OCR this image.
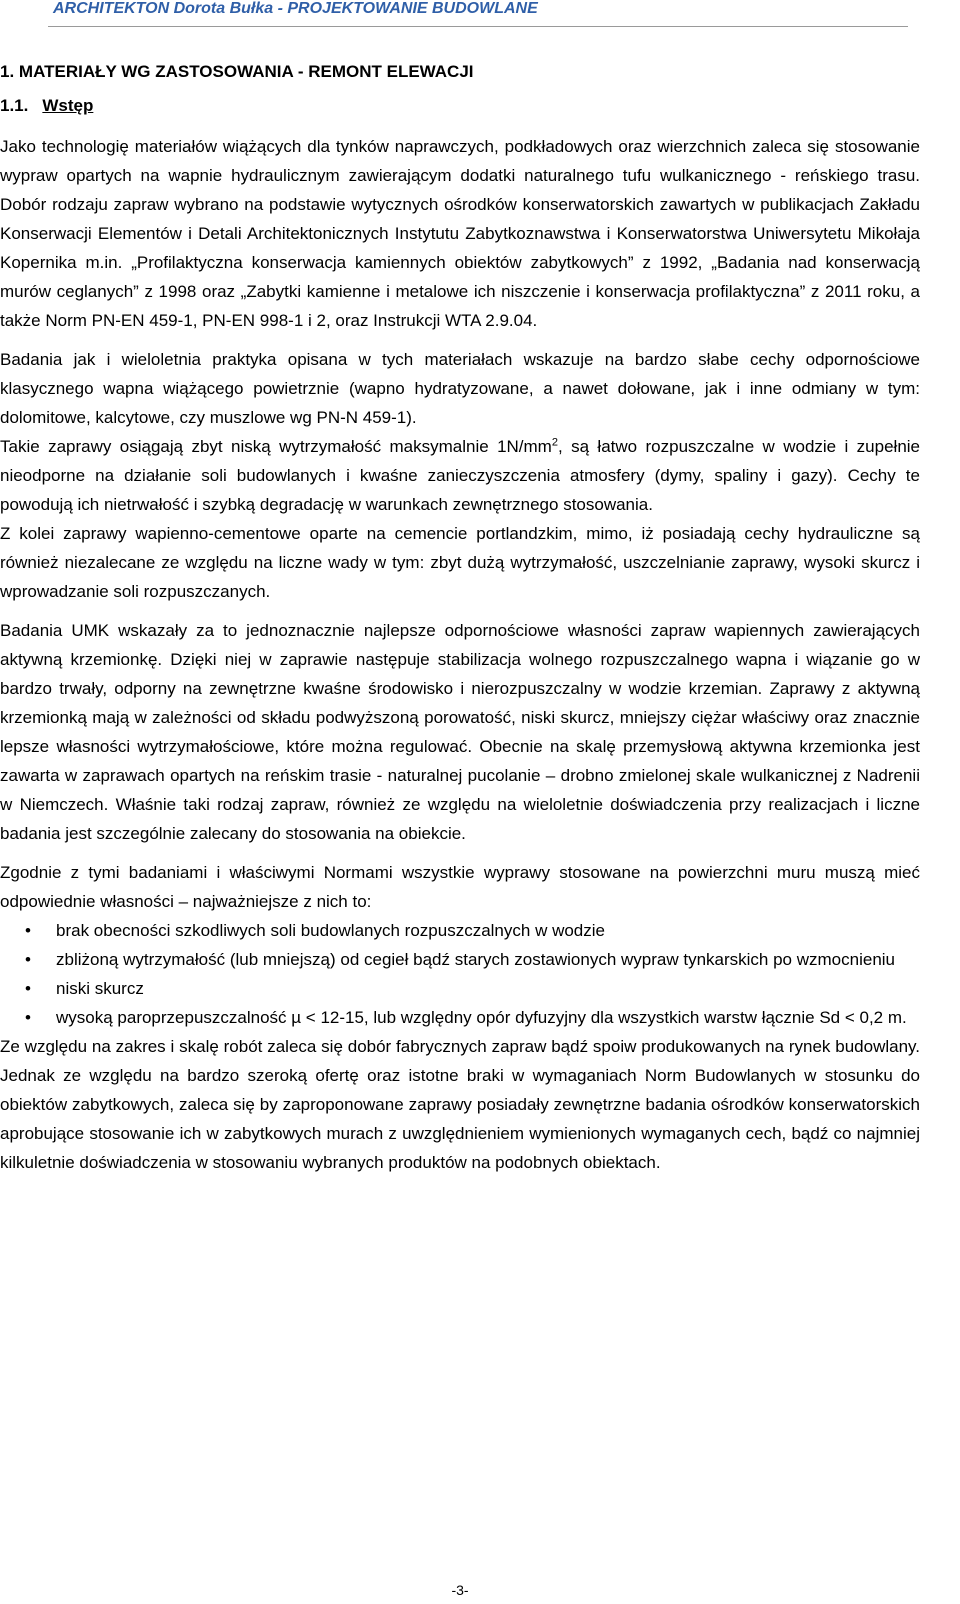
ARCHITEKTON Dorota Bułka - PROJEKTOWANIE BUDOWLANE
1. MATERIAŁY WG ZASTOSOWANIA - REMONT ELEWACJI
1.1. Wstęp

Jako technologię materiałów wiążących dla tynków naprawczych, podkładowych oraz wierzchnich zaleca się stosowanie wypraw opartych na wapnie hydraulicznym zawierającym dodatki naturalnego tufu wulkanicznego - reńskiego trasu. Dobór rodzaju zapraw wybrano na podstawie wytycznych ośrodków konserwatorskich zawartych w publikacjach Zakładu Konserwacji Elementów i Detali Architektonicznych Instytutu Zabytkoznawstwa i Konserwatorstwa Uniwersytetu Mikołaja Kopernika m.in. „Profilaktyczna konserwacja kamiennych obiektów zabytkowych” z 1992, „Badania nad konserwacją murów ceglanych” z 1998 oraz „Zabytki kamienne i metalowe ich niszczenie i konserwacja profilaktyczna” z 2011 roku, a także Norm PN-EN 459-1, PN-EN 998-1 i 2, oraz Instrukcji WTA 2.9.04.

Badania jak i wieloletnia praktyka opisana w tych materiałach wskazuje na bardzo słabe cechy odpornościowe klasycznego wapna wiążącego powietrznie (wapno hydratyzowane, a nawet dołowane, jak i inne odmiany w tym: dolomitowe, kalcytowe, czy muszlowe wg PN-N 459-1).

Takie zaprawy osiągają zbyt niską wytrzymałość maksymalnie $1N/mm^2$, są łatwo rozpuszczalne w wodzie i zupełnie nieodporne na działanie soli budowlanych i kwaśne zanieczyszczenia atmosfery (dymy, spaliny i gazy). Cechy te powodują ich nietrwałość i szybką degradację w warunkach zewnętrznego stosowania.

Z kolei zaprawy wapienno-cementowe oparte na cemencie portlandzkim, mimo, iż posiadają cechy hydrauliczne są również niezalecane ze względu na liczne wady w tym: zbyt dużą wytrzymałość, uszczelnianie zaprawy, wysoki skurcz i wprowadzanie soli rozpuszczanych.

Badania UMK wskazały za to jednoznacznie najlepsze odpornościowe własności zapraw wapiennych zawierających aktywną krzemionkę. Dzięki niej w zaprawie następuje stabilizacja wolnego rozpuszczalnego wapna i wiązanie go w bardzo trwały, odporny na zewnętrzne kwaśne środowisko i nierozpuszczalny w wodzie krzemian. Zaprawy z aktywną krzemionką mają w zależności od składu podwyższoną porowatość, niski skurcz, mniejszy ciężar właściwy oraz znacznie lepsze własności wytrzymałościowe, które można regulować. Obecnie na skalę przemysłową aktywna krzemionka jest zawarta w zaprawach opartych na reńskim trasie - naturalnej pucolanie – drobno zmielonej skale wulkanicznej z Nadrenii w Niemczech. Właśnie taki rodzaj zapraw, również ze względu na wieloletnie doświadczenia przy realizacjach i liczne badania jest szczególnie zalecany do stosowania na obiekcie.

Zgodnie z tymi badaniami i właściwymi Normami wszystkie wyprawy stosowane na powierzchni muru muszą mieć odpowiednie własności – najważniejsze z nich to:

• brak obecności szkodliwych soli budowlanych rozpuszczalnych w wodzie
• zbliżoną wytrzymałość (lub mniejszą) od cegieł bądź starych zostawionych wypraw tynkarskich po wzmocnieniu
• niski skurcz
• wysoką paroprzepuszczalność µ < 12-15, lub względny opór dyfuzyjny dla wszystkich warstw łącznie Sd < 0,2 m.

Ze względu na zakres i skalę robót zaleca się dobór fabrycznych zapraw bądź spoiw produkowanych na rynek budowlany. Jednak ze względu na bardzo szeroką ofertę oraz istotne braki w wymaganiach Norm Budowlanych w stosunku do obiektów zabytkowych, zaleca się by zaproponowane zaprawy posiadały zewnętrzne badania ośrodków konserwatorskich aprobujące stosowanie ich w zabytkowych murach z uwzględnieniem wymienionych wymaganych cech, bądź co najmniej kilkuletnie doświadczenia w stosowaniu wybranych produktów na podobnych obiektach.

-3-
